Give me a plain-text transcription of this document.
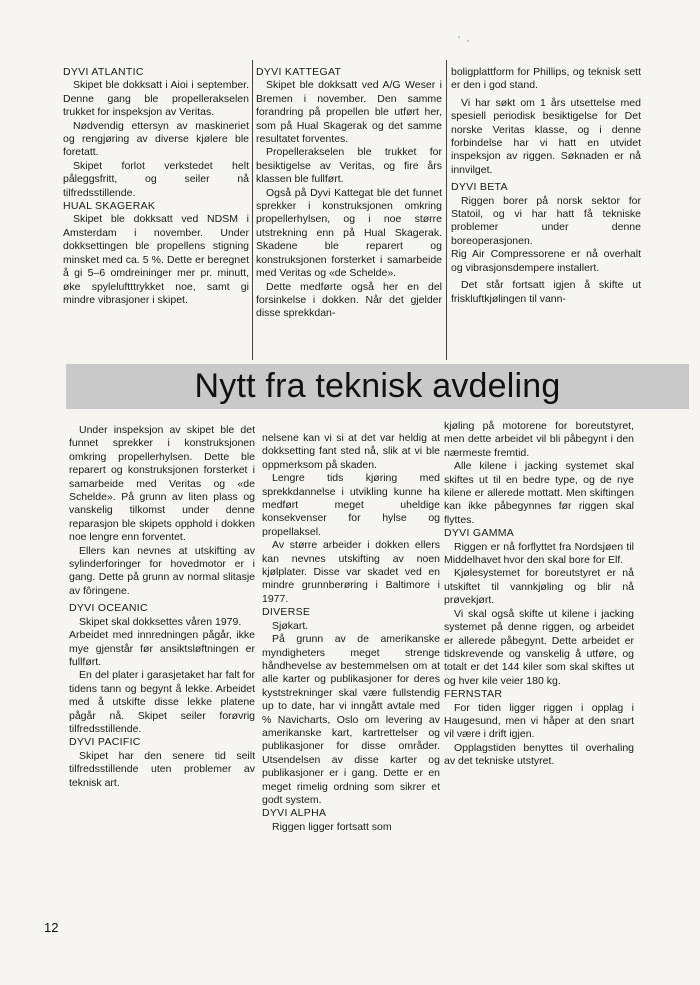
DYVI ATLANTIC

Skipet ble dokksatt i Aioi i september. Denne gang ble propellerakselen trukket for inspeksjon av Veritas.

Nødvendig ettersyn av maskineriet og rengjøring av diverse kjølere ble foretatt.

Skipet forlot verkstedet helt påleggsfritt, og seiler nå tilfredsstillende.

HUAL SKAGERAK

Skipet ble dokksatt ved NDSM i Amsterdam i november. Under dokksettingen ble propellens stigning minsket med ca. 5 %. Dette er beregnet å gi 5–6 omdreininger mer pr. minutt, øke spyleluftttrykket noe, samt gi mindre vibrasjoner i skipet.

DYVI KATTEGAT

Skipet ble dokksatt ved A/G Weser i Bremen i november. Den samme forandring på propellen ble utført her, som på Hual Skagerak og det samme resultatet forventes.

Propellerakselen ble trukket for besiktigelse av Veritas, og fire års klassen ble fullført.

Også på Dyvi Kattegat ble det funnet sprekker i konstruksjonen omkring propellerhylsen, og i noe større utstrekning enn på Hual Skagerak. Skadene ble reparert og konstruksjonen forsterket i samarbeide med Veritas og «de Schelde».

Dette medførte også her en del forsinkelse i dokken. Når det gjelder disse sprekkdan-

boligplattform for Phillips, og teknisk sett er den i god stand.

Vi har søkt om 1 års utsettelse med spesiell periodisk besiktigelse for Det norske Veritas klasse, og i denne forbindelse har vi hatt en utvidet inspeksjon av riggen. Søknaden er nå innvilget.

DYVI BETA

Riggen borer på norsk sektor for Statoil, og vi har hatt få tekniske problemer under denne boreoperasjonen.

Rig Air Compressorene er nå overhalt og vibrasjonsdempere installert.

Det står fortsatt igjen å skifte ut friskluftkjølingen til vann-

Nytt fra teknisk avdeling

Under inspeksjon av skipet ble det funnet sprekker i konstruksjonen omkring propellerhylsen. Dette ble reparert og konstruksjonen forsterket i samarbeide med Veritas og «de Schelde». På grunn av liten plass og vanskelig tilkomst under denne reparasjon ble skipets opphold i dokken noe lengre enn forventet.

Ellers kan nevnes at utskifting av sylinderforinger for hovedmotor er i gang. Dette på grunn av normal slitasje av fôringene.

DYVI OCEANIC

Skipet skal dokksettes våren 1979.

Arbeidet med innredningen pågår, ikke mye gjenstår før ansiktsløftningen er fullført.

En del plater i garasjetaket har falt for tidens tann og begynt å lekke. Arbeidet med å utskifte disse lekke platene pågår nå. Skipet seiler forøvrig tilfredsstillende.

DYVI PACIFIC

Skipet har den senere tid seilt tilfredsstillende uten problemer av teknisk art.

nelsene kan vi si at det var heldig at dokksetting fant sted nå, slik at vi ble oppmerksom på skaden.

Lengre tids kjøring med sprekkdannelse i utvikling kunne ha medført meget uheldige konsekvenser for hylse og propellaksel.

Av større arbeider i dokken ellers kan nevnes utskifting av noen kjølplater. Disse var skadet ved en mindre grunnberøring i Baltimore i 1977.

DIVERSE

Sjøkart.

På grunn av de amerikanske myndigheters meget strenge håndhevelse av bestemmelsen om at alle karter og publikasjoner for deres kyststrekninger skal være fullstendig up to date, har vi inngått avtale med % Navicharts, Oslo om levering av amerikanske kart, kartrettelser og publikasjoner for disse områder. Utsendelsen av disse karter og publikasjoner er i gang. Dette er en meget rimelig ordning som sikrer et godt system.

DYVI ALPHA

Riggen ligger fortsatt som

kjøling på motorene for boreutstyret, men dette arbeidet vil bli påbegynt i den nærmeste fremtid.

Alle kilene i jacking systemet skal skiftes ut til en bedre type, og de nye kilene er allerede mottatt. Men skiftingen kan ikke påbegynnes før riggen skal flyttes.

DYVI GAMMA

Riggen er nå forflyttet fra Nordsjøen til Middelhavet hvor den skal bore for Elf.

Kjølesystemet for boreutstyret er nå utskiftet til vannkjøling og blir nå prøvekjørt.

Vi skal også skifte ut kilene i jacking systemet på denne riggen, og arbeidet er allerede påbegynt. Dette arbeidet er tidskrevende og vanskelig å utføre, og totalt er det 144 kiler som skal skiftes ut og hver kile veier 180 kg.

FERNSTAR

For tiden ligger riggen i opplag i Haugesund, men vi håper at den snart vil være i drift igjen.

Opplagstiden benyttes til overhaling av det tekniske utstyret.

12
